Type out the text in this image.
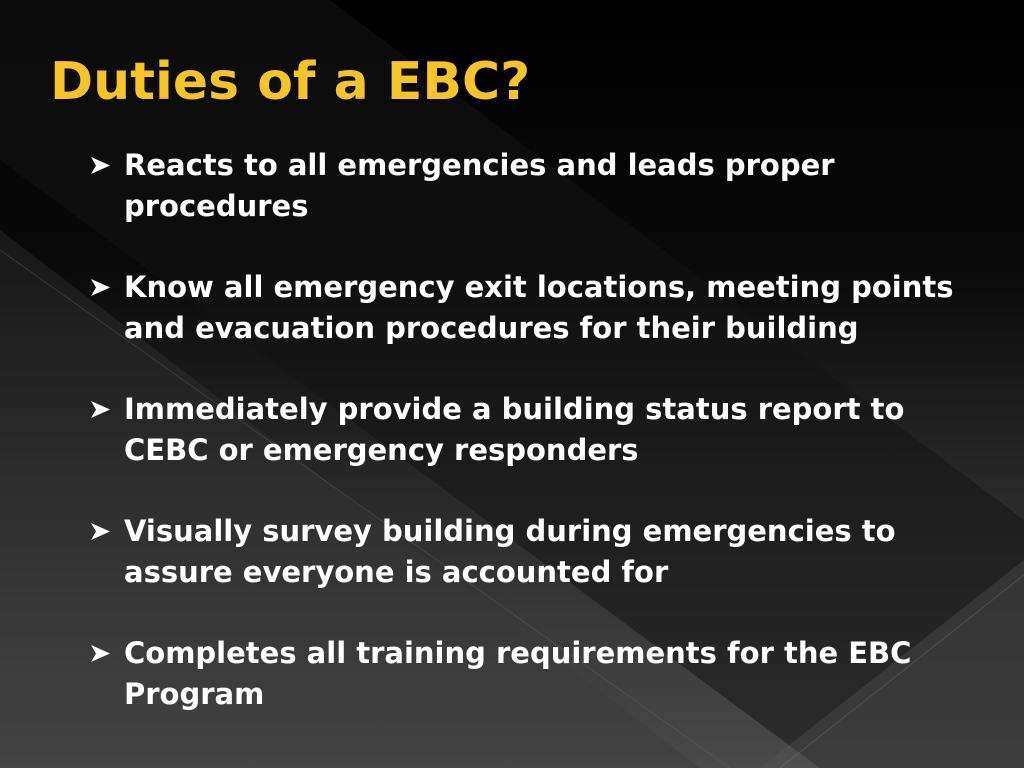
Duties of a EBC?
Reacts to all emergencies and leads proper procedures
Know all emergency exit locations, meeting points and evacuation procedures for their building
Immediately provide a building status report to CEBC or emergency responders
Visually survey building during emergencies to assure everyone is accounted for
Completes all training requirements for the EBC Program
